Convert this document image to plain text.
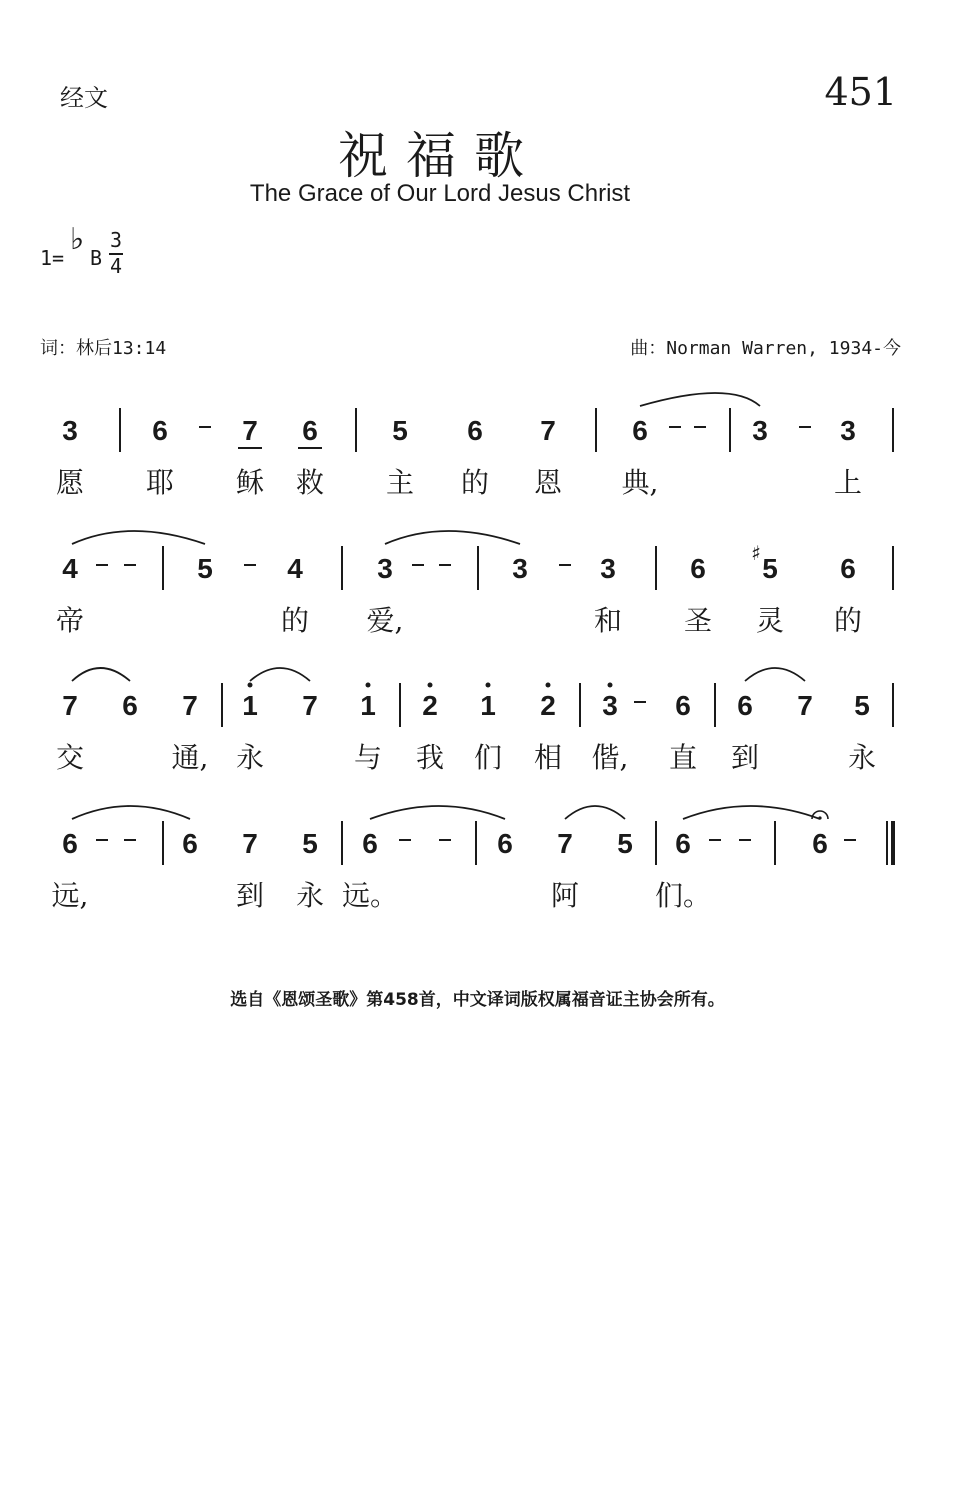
经文	451
祝福歌
The Grace of Our Lord Jesus Christ
1=
♭
B
3
4
词：林后13:14	曲：Norman Warren, 1934-今
3	6	7 6	5 6 7	6	3	3
愿 耶 稣 救 主 的 恩 典,	上
4	5	4	3	3	3	6 5
♯	6
帝	的 爱,	和 圣 灵 的
7 6 7 1 7 1 2 1 2 3 6 6 7 5
交	通, 永	与 我 们 相 偕, 直 到	永
6	6 7 5 6	6 7 5 6	6
远,	到 永 远。	阿	们。
选自《恩颂圣歌》第458首，中文译词版权属福音证主协会所有。
